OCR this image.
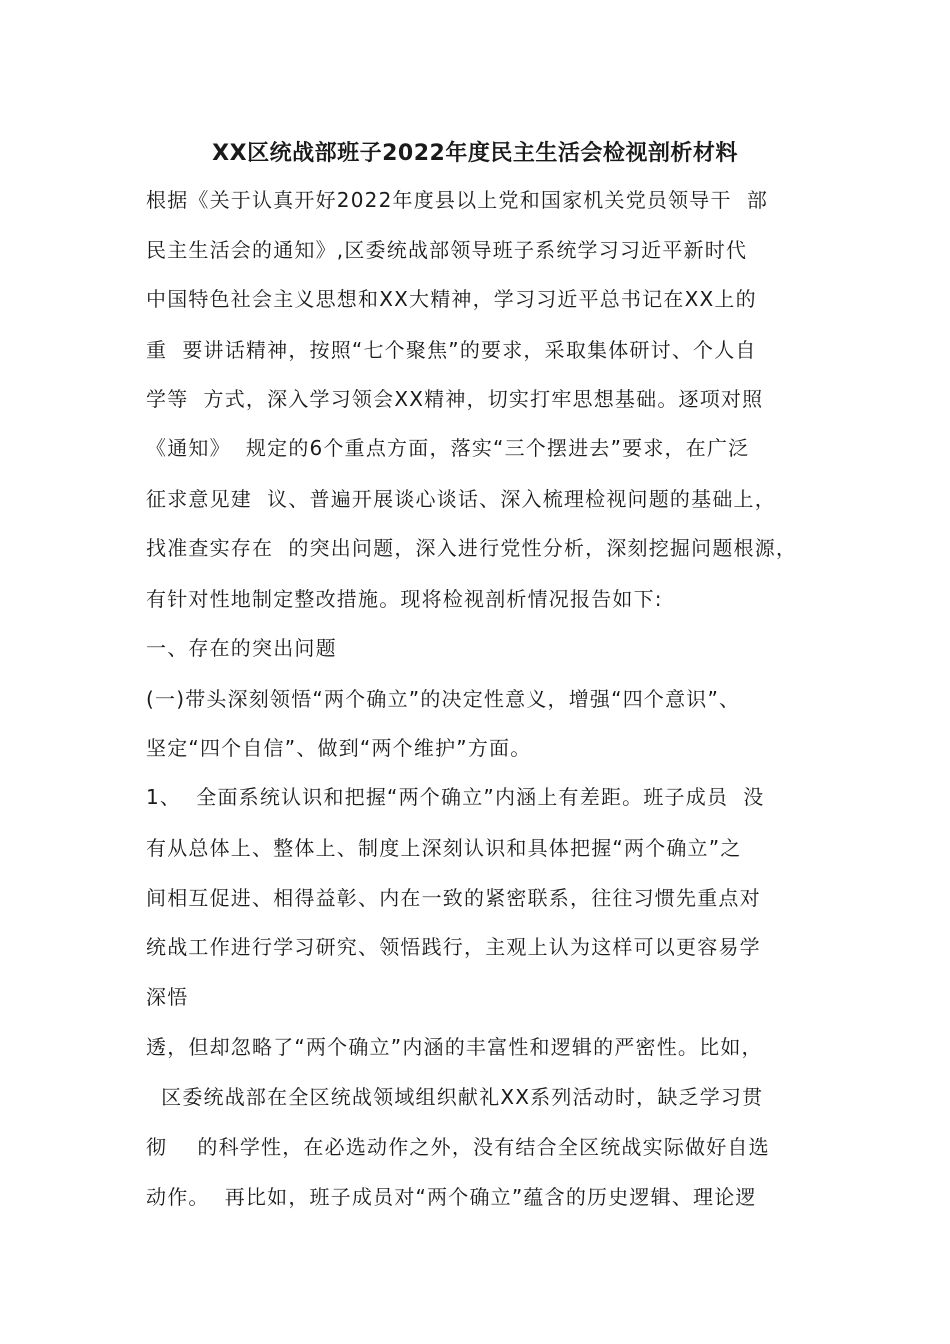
XX区统战部班子2022年度民主生活会检视剖析材料
根据《关于认真开好2022年度县以上党和国家机关党员领导干  部
民主生活会的通知》,区委统战部领导班子系统学习习近平新时代
中国特色社会主义思想和XX大精神，学习习近平总书记在XX上的
重  要讲话精神，按照“七个聚焦”的要求，采取集体研讨、个人自
学等  方式，深入学习领会XX精神，切实打牢思想基础。逐项对照
《通知》  规定的6个重点方面，落实“三个摆进去”要求，在广泛
征求意见建  议、普遍开展谈心谈话、深入梳理检视问题的基础上，
找准查实存在  的突出问题，深入进行党性分析，深刻挖掘问题根源，
有针对性地制定整改措施。现将检视剖析情况报告如下:
一、存在的突出问题
(一)带头深刻领悟“两个确立”的决定性意义，增强“四个意识”、
坚定“四个自信”、做到“两个维护”方面。
1、  全面系统认识和把握“两个确立”内涵上有差距。班子成员  没
有从总体上、整体上、制度上深刻认识和具体把握“两个确立”之
间相互促进、相得益彰、内在一致的紧密联系，往往习惯先重点对
统战工作进行学习研究、领悟践行，主观上认为这样可以更容易学
深悟
透，但却忽略了“两个确立”内涵的丰富性和逻辑的严密性。比如，
区委统战部在全区统战领域组织献礼XX系列活动时，缺乏学习贯
彻    的科学性，在必选动作之外，没有结合全区统战实际做好自选
动作。  再比如，班子成员对“两个确立”蕴含的历史逻辑、理论逻
